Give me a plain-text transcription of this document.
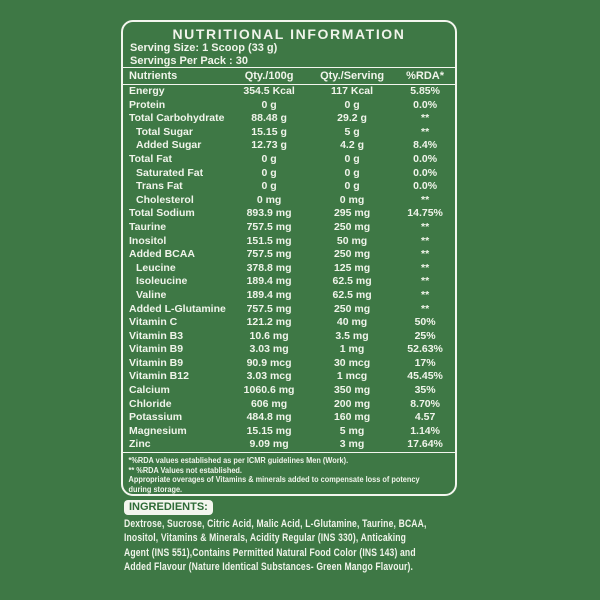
NUTRITIONAL INFORMATION
Serving Size: 1 Scoop (33 g)
Servings Per Pack : 30
Nutrients	Qty./100g	Qty./Serving	%RDA*
Energy	354.5 Kcal	117 Kcal	5.85%
Protein	0 g	0 g	0.0%
Total Carbohydrate	88.48 g	29.2 g	**
Total Sugar	15.15 g	5 g	**
Added Sugar	12.73 g	4.2 g	8.4%
Total Fat	0 g	0 g	0.0%
Saturated Fat	0 g	0 g	0.0%
Trans Fat	0 g	0 g	0.0%
Cholesterol	0 mg	0 mg	**
Total Sodium	893.9 mg	295 mg	14.75%
Taurine	757.5 mg	250 mg	**
Inositol	151.5 mg	50 mg	**
Added BCAA	757.5 mg	250 mg	**
Leucine	378.8 mg	125 mg	**
Isoleucine	189.4 mg	62.5 mg	**
Valine	189.4 mg	62.5 mg	**
Added L-Glutamine	757.5 mg	250 mg	**
Vitamin C	121.2 mg	40 mg	50%
Vitamin B3	10.6 mg	3.5 mg	25%
Vitamin B9	3.03 mg	1 mg	52.63%
Vitamin B9	90.9 mcg	30 mcg	17%
Vitamin B12	3.03 mcg	1 mcg	45.45%
Calcium	1060.6 mg	350 mg	35%
Chloride	606 mg	200 mg	8.70%
Potassium	484.8 mg	160 mg	4.57
Magnesium	15.15 mg	5 mg	1.14%
Zinc	9.09 mg	3 mg	17.64%
*%RDA values established as per ICMR guidelines Men (Work).
** %RDA Values not established.
Appropriate overages of Vitamins & minerals added to compensate loss of potency
during storage.
INGREDIENTS:
Dextrose, Sucrose, Citric Acid, Malic Acid, L-Glutamine, Taurine, BCAA,
Inositol, Vitamins & Minerals, Acidity Regular (INS 330), Anticaking
Agent (INS 551),Contains Permitted Natural Food Color (INS 143) and
Added Flavour (Nature Identical Substances- Green Mango Flavour).
